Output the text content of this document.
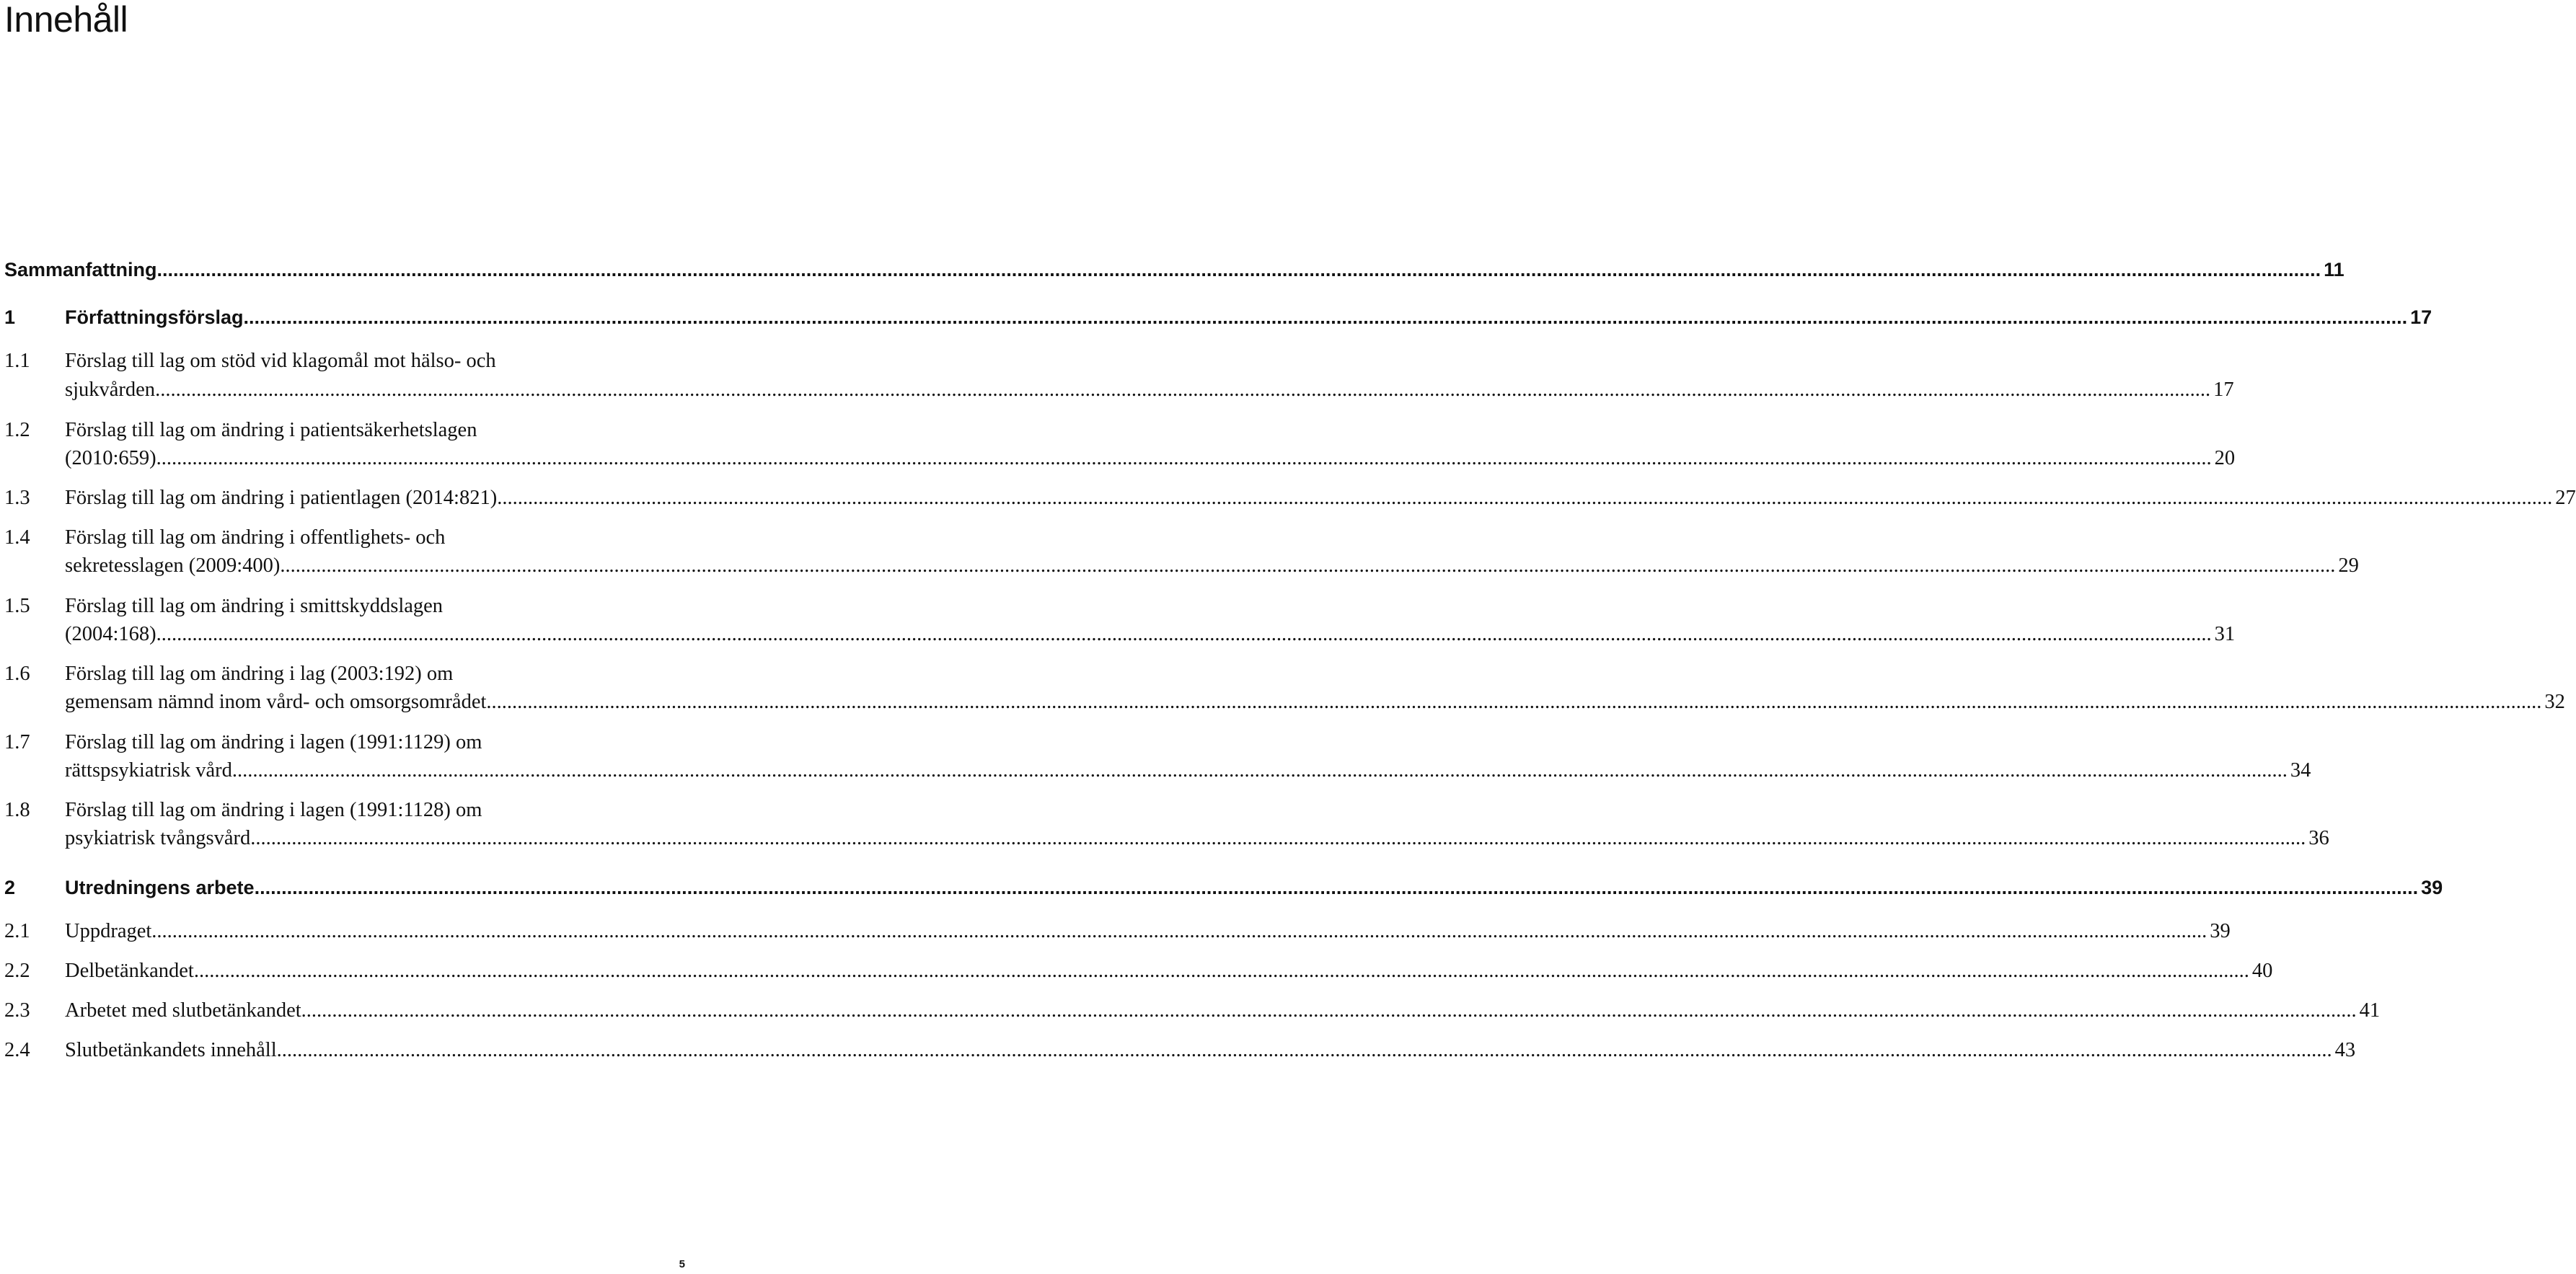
Innehåll
Sammanfattning ................................................................................................................................................................................................................................................................................................................................................................................................................ 11
1	Författningsförslag ................................................................................................................................................................................................................................................................................................................................................................................................................ 17
1.1	Förslag till lag om stöd vid klagomål mot hälso- och
sjukvården ................................................................................................................................................................................................................................................................................................................................................................................................................ 17
1.2	Förslag till lag om ändring i patientsäkerhetslagen
(2010:659) ................................................................................................................................................................................................................................................................................................................................................................................................................ 20
1.3	Förslag till lag om ändring i patientlagen (2014:821) ................................................................................................................................................................................................................................................................................................................................................................................................................ 27
1.4	Förslag till lag om ändring i offentlighets- och
sekretesslagen (2009:400) ................................................................................................................................................................................................................................................................................................................................................................................................................ 29
1.5	Förslag till lag om ändring i smittskyddslagen
(2004:168) ................................................................................................................................................................................................................................................................................................................................................................................................................ 31
1.6	Förslag till lag om ändring i lag (2003:192) om
gemensam nämnd inom vård- och omsorgsområdet ................................................................................................................................................................................................................................................................................................................................................................................................................ 32
1.7	Förslag till lag om ändring i lagen (1991:1129) om
rättspsykiatrisk vård ................................................................................................................................................................................................................................................................................................................................................................................................................ 34
1.8	Förslag till lag om ändring i lagen (1991:1128) om
psykiatrisk tvångsvård ................................................................................................................................................................................................................................................................................................................................................................................................................ 36
2	Utredningens arbete ................................................................................................................................................................................................................................................................................................................................................................................................................ 39
2.1	Uppdraget ................................................................................................................................................................................................................................................................................................................................................................................................................ 39
2.2	Delbetänkandet ................................................................................................................................................................................................................................................................................................................................................................................................................ 40
2.3	Arbetet med slutbetänkandet ................................................................................................................................................................................................................................................................................................................................................................................................................ 41
2.4	Slutbetänkandets innehåll ................................................................................................................................................................................................................................................................................................................................................................................................................ 43
5
